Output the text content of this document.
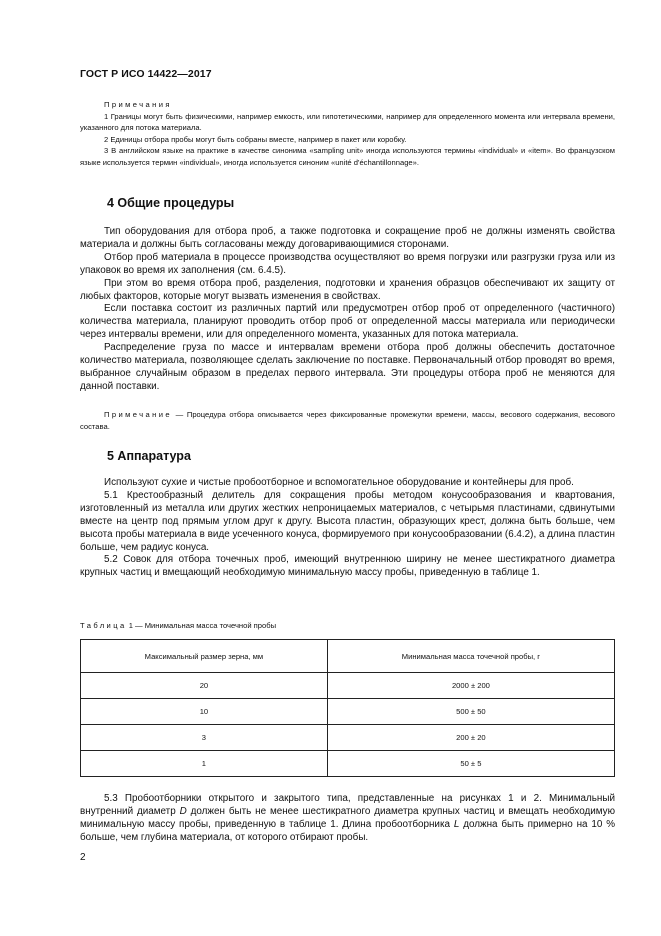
ГОСТ Р ИСО 14422—2017

Примечания

1 Границы могут быть физическими, например емкость, или гипотетическими, например для определенного момента или интервала времени, указанного для потока материала.

2 Единицы отбора пробы могут быть собраны вместе, например в пакет или коробку.

3 В английском языке на практике в качестве синонима «sampling unit» иногда используются термины «individual» и «item». Во французском языке используется термин «individual», иногда используется синоним «unité d'échantillonnage».

4 Общие процедуры

Тип оборудования для отбора проб, а также подготовка и сокращение проб не должны изменять свойства материала и должны быть согласованы между договаривающимися сторонами.

Отбор проб материала в процессе производства осуществляют во время погрузки или разгрузки груза или из упаковок во время их заполнения (см. 6.4.5).

При этом во время отбора проб, разделения, подготовки и хранения образцов обеспечивают их защиту от любых факторов, которые могут вызвать изменения в свойствах.

Если поставка состоит из различных партий или предусмотрен отбор проб от определенного (частичного) количества материала, планируют проводить отбор проб от определенной массы материала или периодически через интервалы времени, или для определенного момента, указанных для потока материала.

Распределение груза по массе и интервалам времени отбора проб должны обеспечить достаточное количество материала, позволяющее сделать заключение по поставке. Первоначальный отбор проводят во время, выбранное случайным образом в пределах первого интервала. Эти процедуры отбора проб не меняются для данной поставки.

Примечание — Процедура отбора описывается через фиксированные промежутки времени, массы, весового содержания, весового состава.

5 Аппаратура

Используют сухие и чистые пробоотборное и вспомогательное оборудование и контейнеры для проб.

5.1 Крестообразный делитель для сокращения пробы методом конусообразования и квартования, изготовленный из металла или других жестких непроницаемых материалов, с четырьмя пластинами, сдвинутыми вместе на центр под прямым углом друг к другу. Высота пластин, образующих крест, должна быть больше, чем высота пробы материала в виде усеченного конуса, формируемого при конусообразовании (6.4.2), а длина пластин больше, чем радиус конуса.

5.2 Совок для отбора точечных проб, имеющий внутреннюю ширину не менее шестикратного диаметра крупных частиц и вмещающий необходимую минимальную массу пробы, приведенную в таблице 1.

Таблица 1 — Минимальная масса точечной пробы
Максимальный размер зерна, мм	Минимальная масса точечной пробы, г
20	2000 ± 200
10	500 ± 50
3	200 ± 20
1	50 ± 5

5.3 Пробоотборники открытого и закрытого типа, представленные на рисунках 1 и 2. Минимальный внутренний диаметр D должен быть не менее шестикратного диаметра крупных частиц и вмещать необходимую минимальную массу пробы, приведенную в таблице 1. Длина пробоотборника L должна быть примерно на 10 % больше, чем глубина материала, от которого отбирают пробы.

2
